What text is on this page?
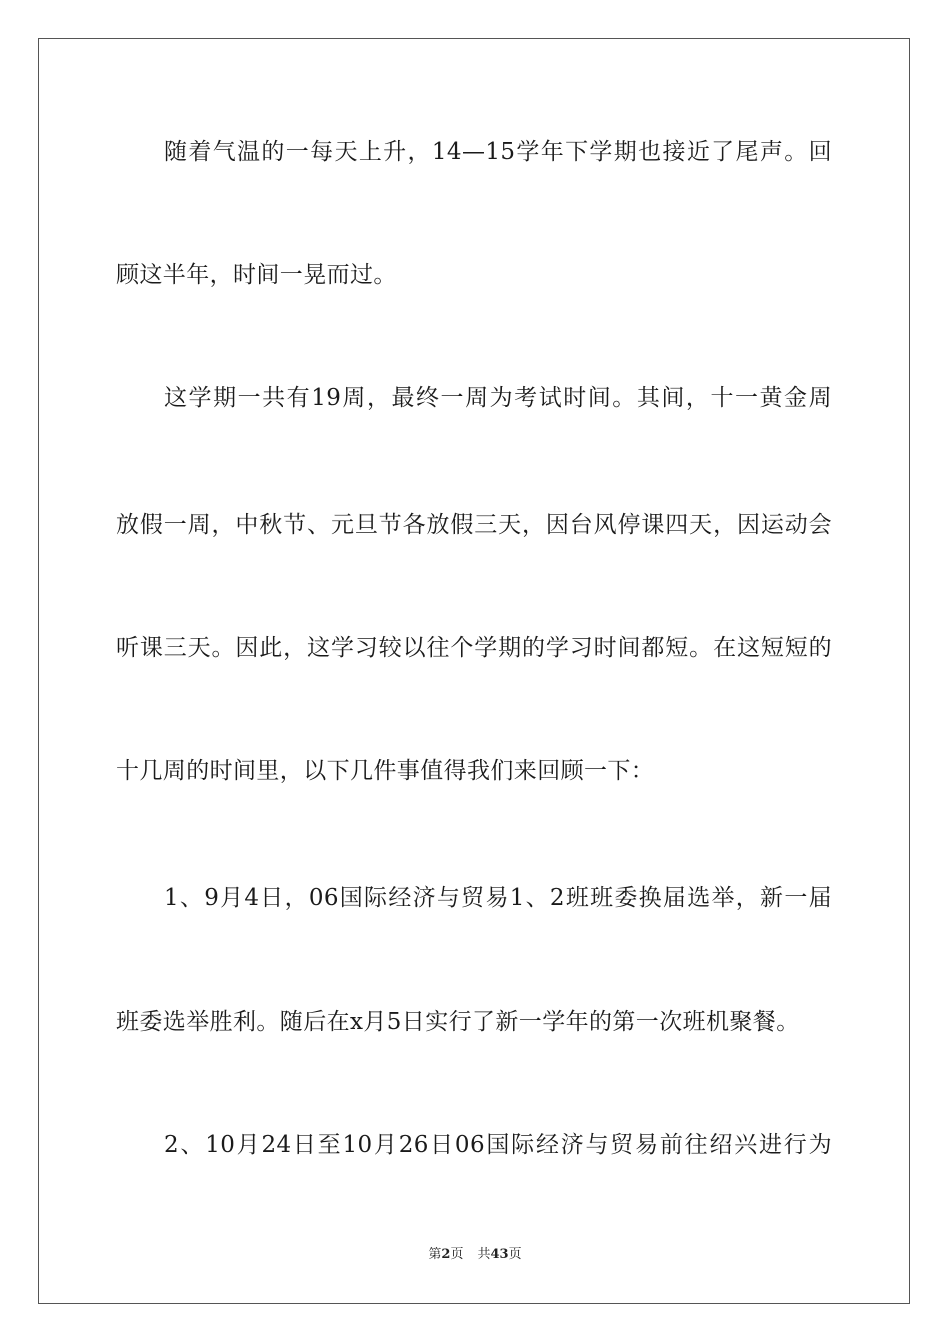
随着气温的一每天上升，14—15学年下学期也接近了尾声。回
顾这半年，时间一晃而过。
这学期一共有19周，最终一周为考试时间。其间，十一黄金周
放假一周，中秋节、元旦节各放假三天，因台风停课四天，因运动会
听课三天。因此，这学习较以往个学期的学习时间都短。在这短短的
十几周的时间里，以下几件事值得我们来回顾一下：
1、9月4日，06国际经济与贸易1、2班班委换届选举，新一届
班委选举胜利。随后在x月5日实行了新一学年的第一次班机聚餐。
2、10月24日至10月26日06国际经济与贸易前往绍兴进行为
第2页 共43页
